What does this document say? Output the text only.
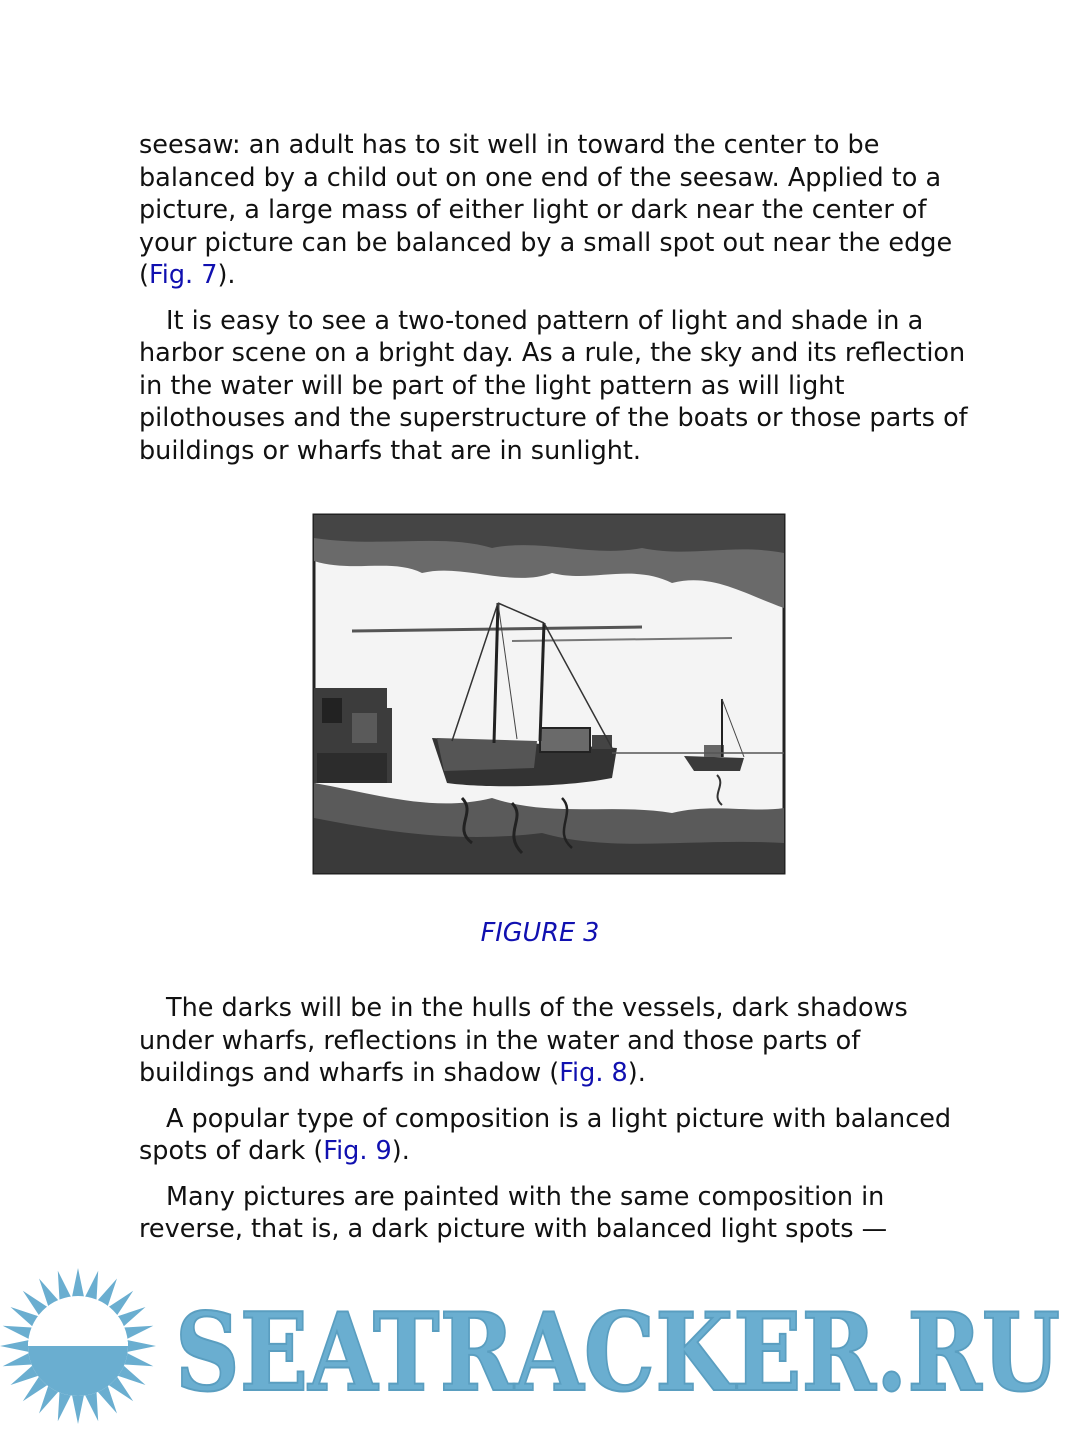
seesaw: an adult has to sit well in toward the center to be balanced by a child out on one end of the seesaw. Applied to a picture, a large mass of either light or dark near the center of your picture can be balanced by a small spot out near the edge (Fig. 7).

It is easy to see a two-toned pattern of light and shade in a harbor scene on a bright day. As a rule, the sky and its reflection in the water will be part of the light pattern as will light pilothouses and the superstructure of the boats or those parts of buildings or wharfs that are in sunlight.

FIGURE 3

The darks will be in the hulls of the vessels, dark shadows under wharfs, reflections in the water and those parts of buildings and wharfs in shadow (Fig. 8).

A popular type of composition is a light picture with balanced spots of dark (Fig. 9).

Many pictures are painted with the same composition in reverse, that is, a dark picture with balanced light spots —

SEATRACKER.RU
